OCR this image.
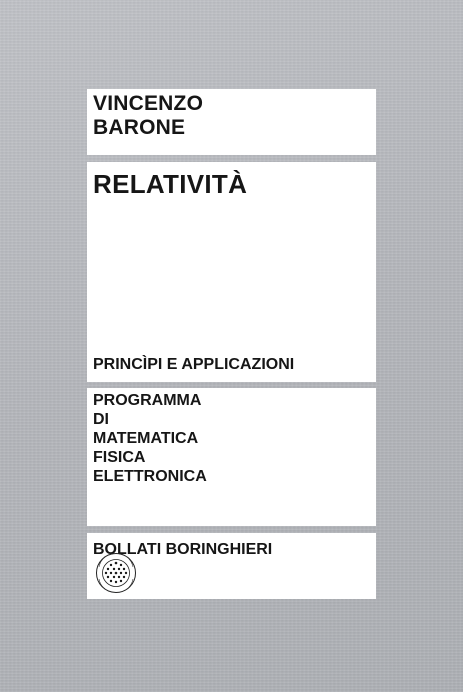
VINCENZO
BARONE
RELATIVITÀ
PRINCÌPI E APPLICAZIONI
PROGRAMMA
DI
MATEMATICA
FISICA
ELETTRONICA
BOLLATI BORINGHIERI
